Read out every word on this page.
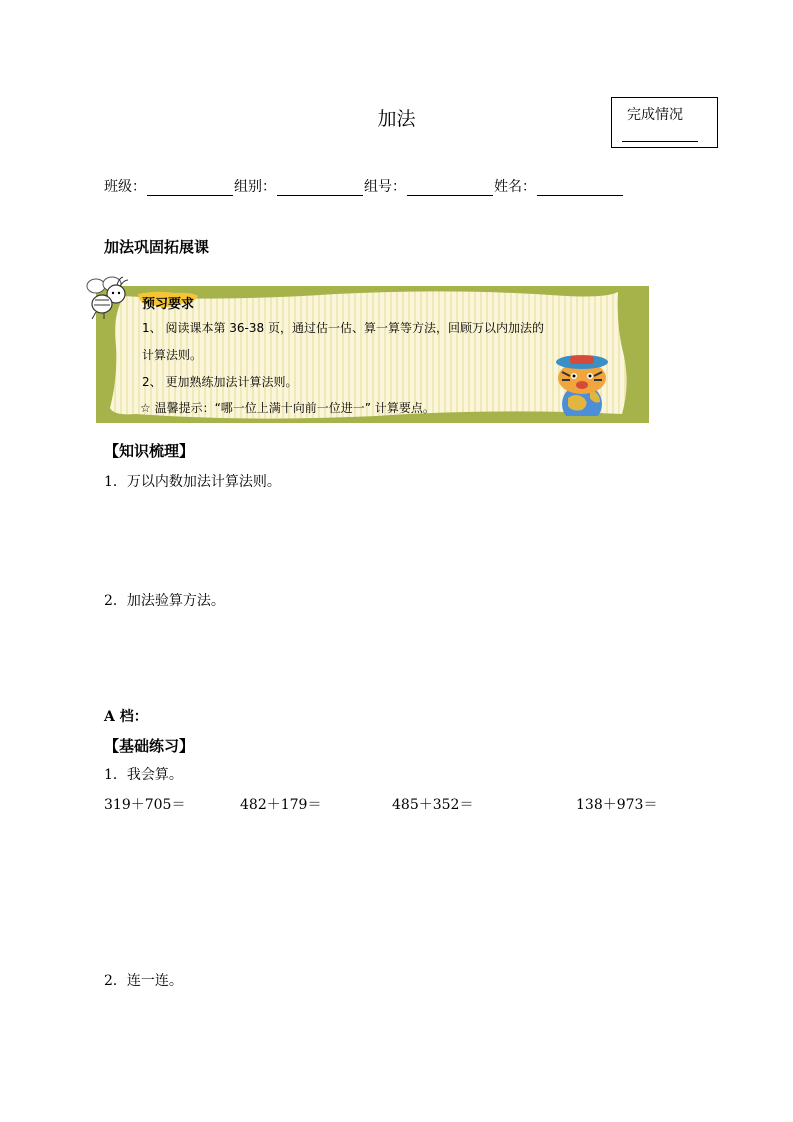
加法	完成情况
班级：	组别：	组号：	姓名：
加法巩固拓展课
预习要求
1、 阅读课本第 36-38 页，通过估一估、算一算等方法，回顾万以内加法的
计算法则。
2、 更加熟练加法计算法则。
☆ 温馨提示：“哪一位上满十向前一位进一” 计算要点。
【知识梳理】
1．万以内数加法计算法则。
2．加法验算方法。
A 档：
【基础练习】
1．我会算。
319＋705＝	482＋179＝	485＋352＝	138＋973＝
2．连一连。
